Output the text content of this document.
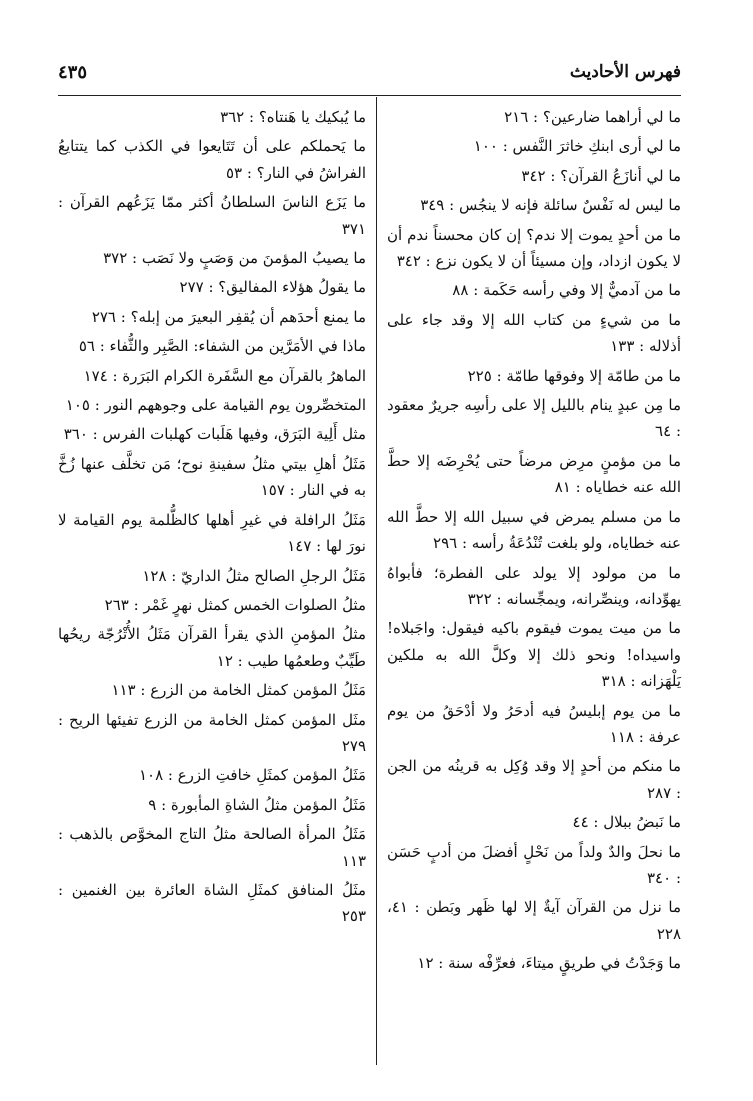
٤٣٥	فهرس الأحاديث

ما لي أراهما ضارعين؟ : ٢١٦

ما لي أرى ابنكِ خاثرَ النَّفس : ١٠٠

ما لي أنازَعُ القرآن؟ : ٣٤٢

ما ليس له نَفْسٌ سائلة فإنه لا ينجُس : ٣٤٩

ما من أحدٍ يموت إلا ندم؟ إن كان محسناً ندم أن لا يكون ازداد، وإن مسيئاً أن لا يكون نزع : ٣٤٢

ما من آدميٌّ إلا وفي رأسه حَكَمة : ٨٨

ما من شيءٍ من كتاب الله إلا وقد جاء على أذلاله : ١٣٣

ما من طامّة إلا وفوقها طامّة : ٢٢٥

ما مِن عبدٍ ينام بالليل إلا على رأسِه جريرٌ معقود : ٦٤

ما من مؤمنٍ مرِض مرضاً حتى يُحْرِضَه إلا حطَّ الله عنه خطاياه : ٨١

ما من مسلم يمرض في سبيل الله إلا حطَّ الله عنه خطاياه، ولو بلغت تُنْدُعَةُ رأسه : ٢٩٦

ما من مولود إلا يولد على الفطرة؛ فأبواهُ يهوِّدانه، وينصِّرانه، ويمجِّسانه : ٣٢٢

ما من ميت يموت فيقوم باكيه فيقول: واجَبلاه! واسيداه! ونحو ذلك إلا وكلَّ الله به ملكين يَلْهَزانه : ٣١٨

ما من يوم إبليسُ فيه أدحَرُ ولا أدْحَقُ من يوم عرفة : ١١٨

ما منكم من أحدٍ إلا وقد وُكِل به قرينُه من الجن : ٢٨٧

ما نَبضُ ببلال : ٤٤

ما نحلَ والدٌ ولداً من نَحْلٍ أفضلَ من أدبٍ حَسَن : ٣٤٠

ما نزل من القرآن آيةٌ إلا لها ظَهر وبَطن : ٤١، ٢٢٨

ما وَجَدْتُ في طريقٍ ميتاءَ، فعرِّفْه سنة : ١٢

ما يُبكيك يا هَنتاه؟ : ٣٦٢

ما يَحملكم على أن تَتَايعوا في الكذب كما يتتايعُ الفراشُ في النار؟ : ٥٣

ما يَزَع الناسَ السلطانُ أكثر ممّا يَزَعُهم القرآن : ٣٧١

ما يصيبُ المؤمنَ من وَصَبٍ ولا نَصَب : ٣٧٢

ما يقولُ هؤلاء المفاليق؟ : ٢٧٧

ما يمنع أحدَهم أن يُقفِر البعيرَ من إبله؟ : ٢٧٦

ماذا في الأمَرَّين من الشفاء: الصَّبِر والثُّفاء : ٥٦

الماهرُ بالقرآن مع السَّفَرة الكرام البَرَرة : ١٧٤

المتخصِّرون يوم القيامة على وجوههم النور : ١٠٥

مثل أَلِية البَرَق، وفيها هَلَبات كهلبات الفرس : ٣٦٠

مَثَلُ أهلِ بيتي مثلُ سفينةِ نوح؛ مَن تخلَّف عنها زُخَّ به في النار : ١٥٧

مَثَلُ الرافلة في غيرِ أهلها كالظُّلمة يوم القيامة لا نورَ لها : ١٤٧

مَثَلُ الرجلِ الصالح مثلُ الداريّ : ١٢٨

مثلُ الصلوات الخمس كمثل نهرٍ غَمْر : ٢٦٣

مثلُ المؤمنِ الذي يقرأ القرآن مَثَلُ الأُتْرُجّة ريحُها طَيِّبٌ وطعمُها طيب : ١٢

مَثَلُ المؤمن كمثل الخامة من الزرع : ١١٣

مثَل المؤمن كمثل الخامة من الزرع تفيئها الريح : ٢٧٩

مَثَلُ المؤمن كمثَلِ خافتِ الزرع : ١٠٨

مَثَلُ المؤمن مثلُ الشاةِ المأبورة : ٩

مَثَلُ المرأة الصالحة مثلُ التاج المخوَّص بالذهب : ١١٣

مثَلُ المنافق كمثَلِ الشاة العائرة بين الغنمين : ٢٥٣
